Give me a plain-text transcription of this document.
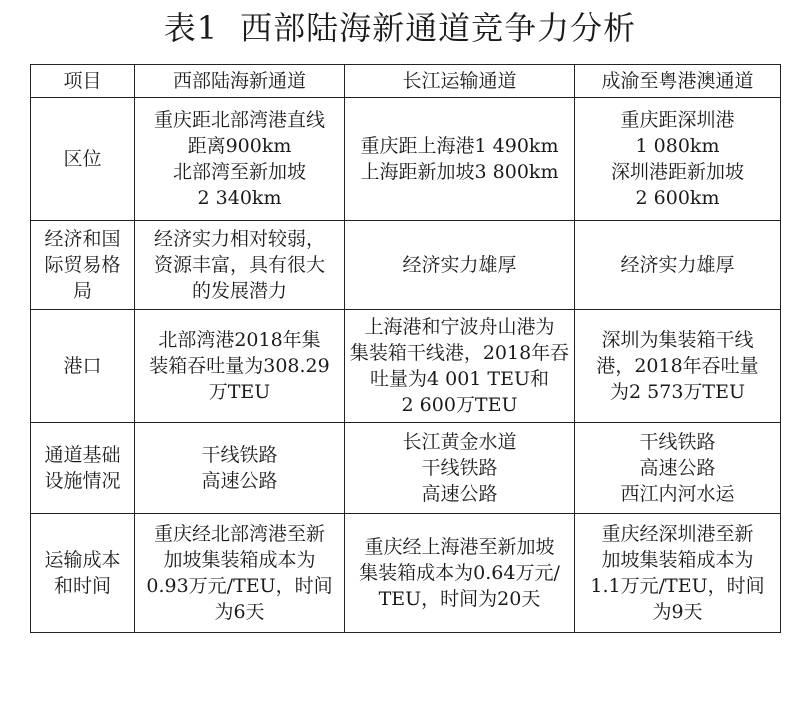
表1 西部陆海新通道竞争力分析
项目	西部陆海新通道	长江运输通道	成渝至粤港澳通道
区位	重庆距北部湾港直线
距离900km
北部湾至新加坡
2 340km	重庆距上海港1 490km
上海距新加坡3 800km	重庆距深圳港
1 080km
深圳港距新加坡
2 600km
经济和国
际贸易格
局	经济实力相对较弱，
资源丰富，具有很大
的发展潜力	经济实力雄厚	经济实力雄厚
港口	北部湾港2018年集
装箱吞吐量为308.29
万TEU	上海港和宁波舟山港为
集装箱干线港，2018年吞
吐量为4 001 TEU和
2 600万TEU	深圳为集装箱干线
港，2018年吞吐量
为2 573万TEU
通道基础
设施情况	干线铁路
高速公路	长江黄金水道
干线铁路
高速公路	干线铁路
高速公路
西江内河水运
运输成本
和时间	重庆经北部湾港至新
加坡集装箱成本为
0.93万元/TEU，时间
为6天	重庆经上海港至新加坡
集装箱成本为0.64万元/
TEU，时间为20天	重庆经深圳港至新
加坡集装箱成本为
1.1万元/TEU，时间
为9天
